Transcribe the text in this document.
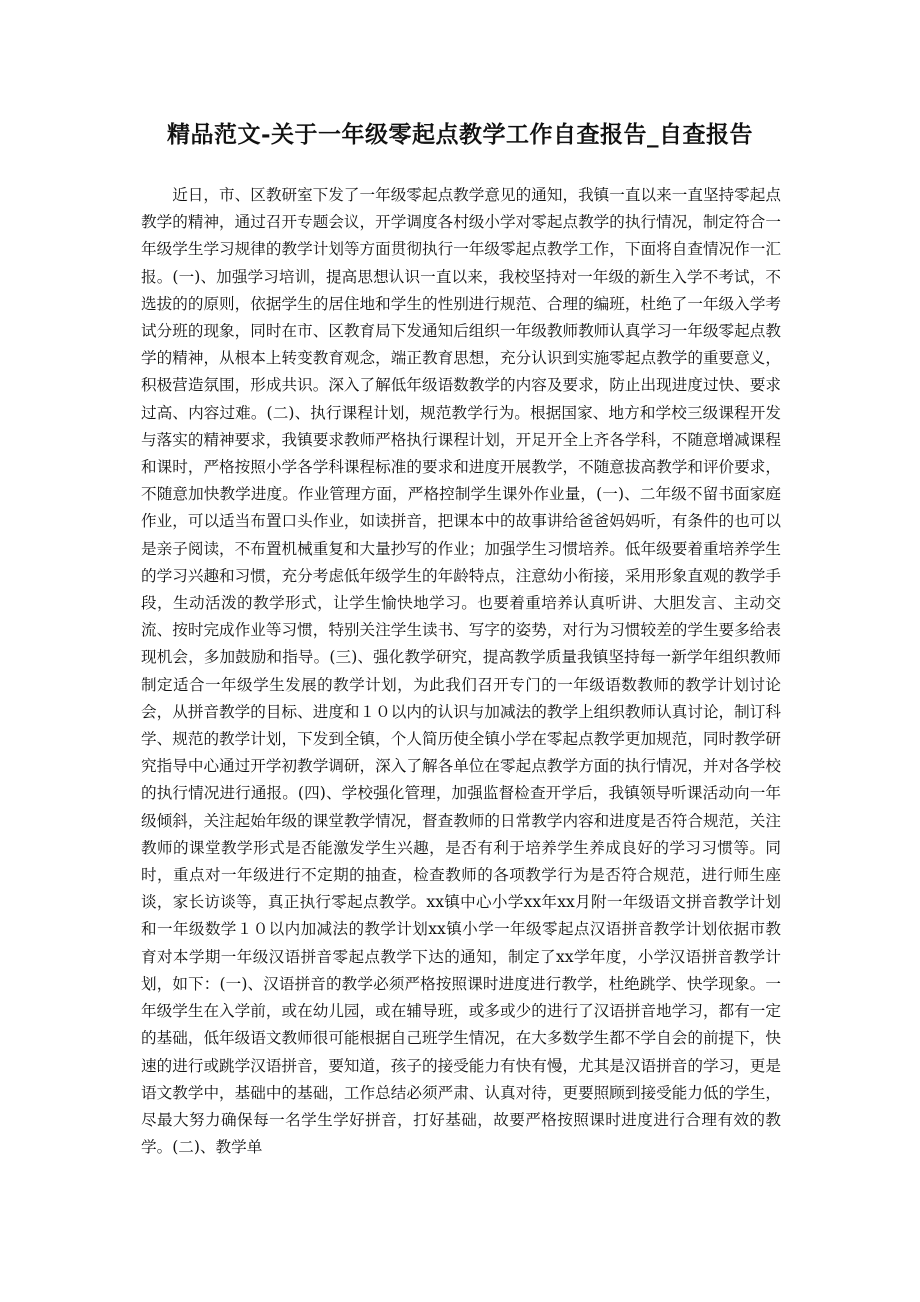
精品范文-关于一年级零起点教学工作自查报告_自查报告

近日，市、区教研室下发了一年级零起点教学意见的通知，我镇一直以来一直坚持零起点教学的精神，通过召开专题会议，开学调度各村级小学对零起点教学的执行情况，制定符合一年级学生学习规律的教学计划等方面贯彻执行一年级零起点教学工作，下面将自查情况作一汇报。(一)、加强学习培训，提高思想认识一直以来，我校坚持对一年级的新生入学不考试，不选拔的的原则，依据学生的居住地和学生的性别进行规范、合理的编班，杜绝了一年级入学考试分班的现象，同时在市、区教育局下发通知后组织一年级教师教师认真学习一年级零起点教学的精神，从根本上转变教育观念，端正教育思想，充分认识到实施零起点教学的重要意义，积极营造氛围，形成共识。深入了解低年级语数教学的内容及要求，防止出现进度过快、要求过高、内容过难。(二)、执行课程计划，规范教学行为。根据国家、地方和学校三级课程开发与落实的精神要求，我镇要求教师严格执行课程计划，开足开全上齐各学科，不随意增减课程和课时，严格按照小学各学科课程标准的要求和进度开展教学，不随意拔高教学和评价要求，不随意加快教学进度。作业管理方面，严格控制学生课外作业量，(一)、二年级不留书面家庭作业，可以适当布置口头作业，如读拼音，把课本中的故事讲给爸爸妈妈听，有条件的也可以是亲子阅读，不布置机械重复和大量抄写的作业；加强学生习惯培养。低年级要着重培养学生的学习兴趣和习惯，充分考虑低年级学生的年龄特点，注意幼小衔接，采用形象直观的教学手段，生动活泼的教学形式，让学生愉快地学习。也要着重培养认真听讲、大胆发言、主动交流、按时完成作业等习惯，特别关注学生读书、写字的姿势，对行为习惯较差的学生要多给表现机会，多加鼓励和指导。(三)、强化教学研究，提高教学质量我镇坚持每一新学年组织教师制定适合一年级学生发展的教学计划，为此我们召开专门的一年级语数教师的教学计划讨论会，从拼音教学的目标、进度和１０以内的认识与加减法的教学上组织教师认真讨论，制订科学、规范的教学计划，下发到全镇，个人简历使全镇小学在零起点教学更加规范，同时教学研究指导中心通过开学初教学调研，深入了解各单位在零起点教学方面的执行情况，并对各学校的执行情况进行通报。(四)、学校强化管理，加强监督检查开学后，我镇领导听课活动向一年级倾斜，关注起始年级的课堂教学情况，督查教师的日常教学内容和进度是否符合规范，关注教师的课堂教学形式是否能激发学生兴趣，是否有利于培养学生养成良好的学习习惯等。同时，重点对一年级进行不定期的抽查，检查教师的各项教学行为是否符合规范，进行师生座谈，家长访谈等，真正执行零起点教学。xx镇中心小学xx年xx月附一年级语文拼音教学计划和一年级数学１０以内加减法的教学计划xx镇小学一年级零起点汉语拼音教学计划依据市教育对本学期一年级汉语拼音零起点教学下达的通知，制定了xx学年度，小学汉语拼音教学计划，如下：(一)、汉语拼音的教学必须严格按照课时进度进行教学，杜绝跳学、快学现象。一年级学生在入学前，或在幼儿园，或在辅导班，或多或少的进行了汉语拼音地学习，都有一定的基础，低年级语文教师很可能根据自己班学生情况，在大多数学生都不学自会的前提下，快速的进行或跳学汉语拼音，要知道，孩子的接受能力有快有慢，尤其是汉语拼音的学习，更是语文教学中，基础中的基础，工作总结必须严肃、认真对待，更要照顾到接受能力低的学生，尽最大努力确保每一名学生学好拼音，打好基础，故要严格按照课时进度进行合理有效的教学。(二)、教学单
